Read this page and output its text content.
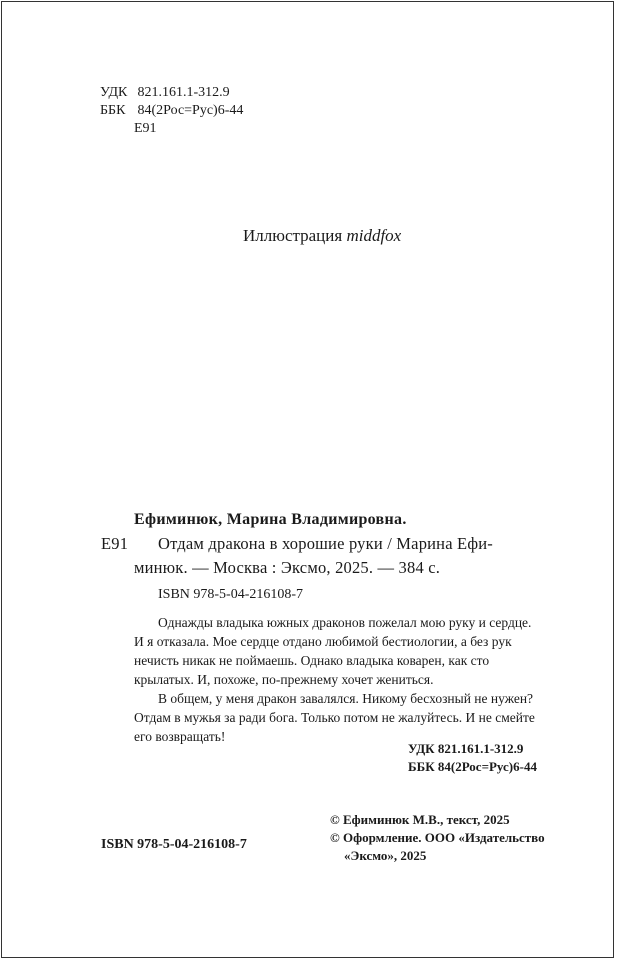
УДК 821.161.1-312.9
ББК 84(2Рос=Рус)6-44
Е91
Иллюстрация middfox
Ефиминюк, Марина Владимировна.
Е91 Отдам дракона в хорошие руки / Марина Ефи-
минюк. — Москва : Эксмо, 2025. — 384 с.
ISBN 978-5-04-216108-7
Однажды владыка южных драконов пожелал мою руку и сердце.
И я отказала. Мое сердце отдано любимой бестиологии, а без рук
нечисть никак не поймаешь. Однако владыка коварен, как сто
крылатых. И, похоже, по-прежнему хочет жениться.
В общем, у меня дракон завалялся. Никому бесхозный не нужен?
Отдам в мужья за ради бога. Только потом не жалуйтесь. И не смейте
его возвращать!
УДК 821.161.1-312.9
ББК 84(2Рос=Рус)6-44
© Ефиминюк М.В., текст, 2025
© Оформление. ООО «Издательство
«Эксмо», 2025
ISBN 978-5-04-216108-7
